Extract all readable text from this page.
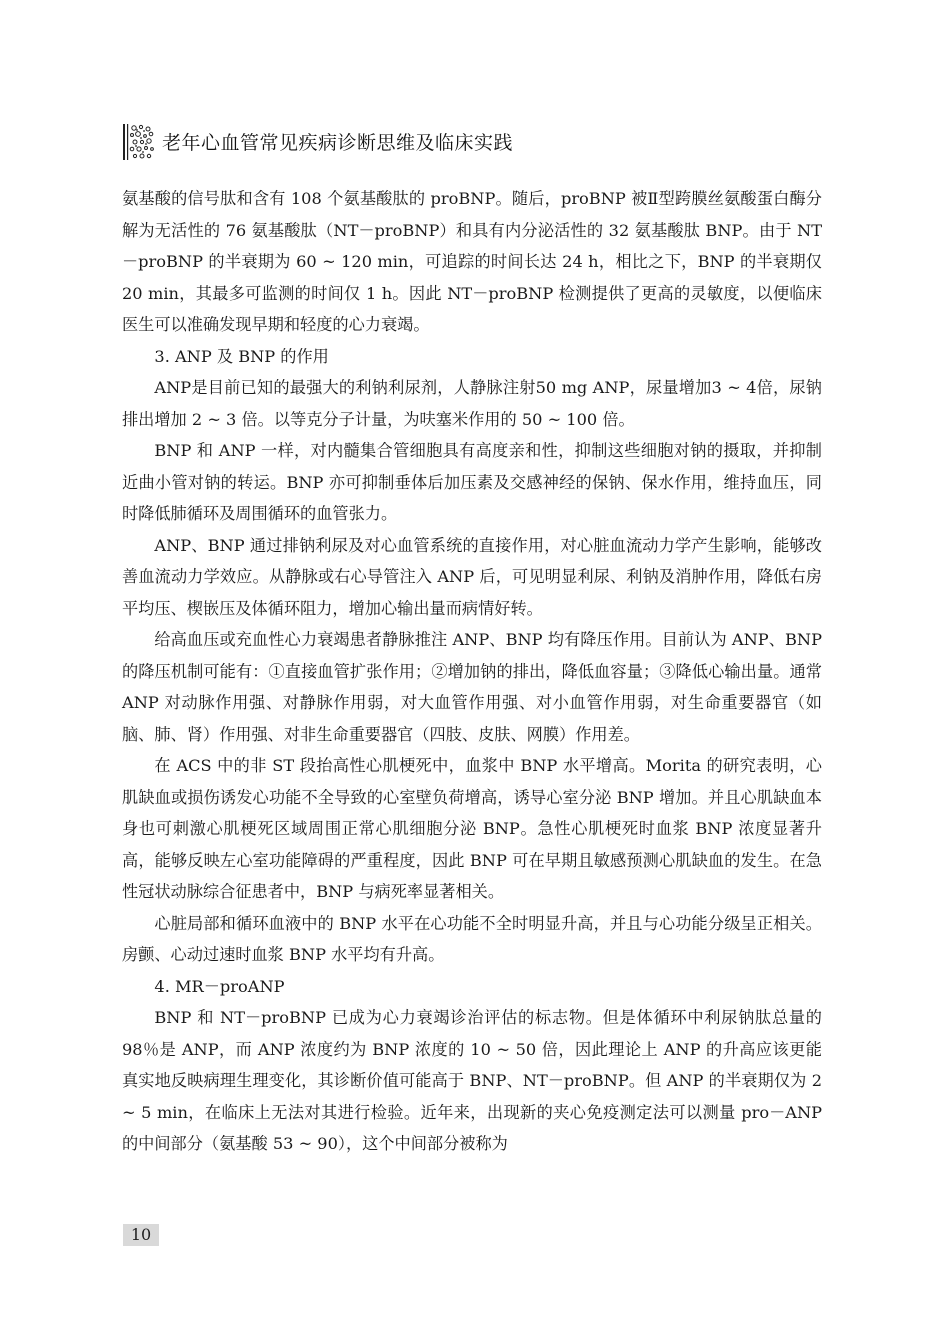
老年心血管常见疾病诊断思维及临床实践

氨基酸的信号肽和含有 108 个氨基酸肽的 proBNP。随后，proBNP 被Ⅱ型跨膜丝氨酸蛋白酶分解为无活性的 76 氨基酸肽（NT－proBNP）和具有内分泌活性的 32 氨基酸肽 BNP。由于 NT－proBNP 的半衰期为 60 ~ 120 min，可追踪的时间长达 24 h，相比之下，BNP 的半衰期仅 20 min，其最多可监测的时间仅 1 h。因此 NT－proBNP 检测提供了更高的灵敏度，以便临床医生可以准确发现早期和轻度的心力衰竭。

3. ANP 及 BNP 的作用

ANP是目前已知的最强大的利钠利尿剂，人静脉注射50 mg ANP，尿量增加3 ~ 4倍，尿钠排出增加 2 ~ 3 倍。以等克分子计量，为呋塞米作用的 50 ~ 100 倍。

BNP 和 ANP 一样，对内髓集合管细胞具有高度亲和性，抑制这些细胞对钠的摄取，并抑制近曲小管对钠的转运。BNP 亦可抑制垂体后加压素及交感神经的保钠、保水作用，维持血压，同时降低肺循环及周围循环的血管张力。

ANP、BNP 通过排钠利尿及对心血管系统的直接作用，对心脏血流动力学产生影响，能够改善血流动力学效应。从静脉或右心导管注入 ANP 后，可见明显利尿、利钠及消肿作用，降低右房平均压、楔嵌压及体循环阻力，增加心输出量而病情好转。

给高血压或充血性心力衰竭患者静脉推注 ANP、BNP 均有降压作用。目前认为 ANP、BNP 的降压机制可能有：①直接血管扩张作用；②增加钠的排出，降低血容量；③降低心输出量。通常 ANP 对动脉作用强、对静脉作用弱，对大血管作用强、对小血管作用弱，对生命重要器官（如脑、肺、肾）作用强、对非生命重要器官（四肢、皮肤、网膜）作用差。

在 ACS 中的非 ST 段抬高性心肌梗死中，血浆中 BNP 水平增高。Morita 的研究表明，心肌缺血或损伤诱发心功能不全导致的心室壁负荷增高，诱导心室分泌 BNP 增加。并且心肌缺血本身也可刺激心肌梗死区域周围正常心肌细胞分泌 BNP。急性心肌梗死时血浆 BNP 浓度显著升高，能够反映左心室功能障碍的严重程度，因此 BNP 可在早期且敏感预测心肌缺血的发生。在急性冠状动脉综合征患者中，BNP 与病死率显著相关。

心脏局部和循环血液中的 BNP 水平在心功能不全时明显升高，并且与心功能分级呈正相关。房颤、心动过速时血浆 BNP 水平均有升高。

4. MR－proANP

BNP 和 NT－proBNP 已成为心力衰竭诊治评估的标志物。但是体循环中利尿钠肽总量的 98％是 ANP，而 ANP 浓度约为 BNP 浓度的 10 ~ 50 倍，因此理论上 ANP 的升高应该更能真实地反映病理生理变化，其诊断价值可能高于 BNP、NT－proBNP。但 ANP 的半衰期仅为 2 ~ 5 min，在临床上无法对其进行检验。近年来，出现新的夹心免疫测定法可以测量 pro－ANP 的中间部分（氨基酸 53 ~ 90），这个中间部分被称为

10
